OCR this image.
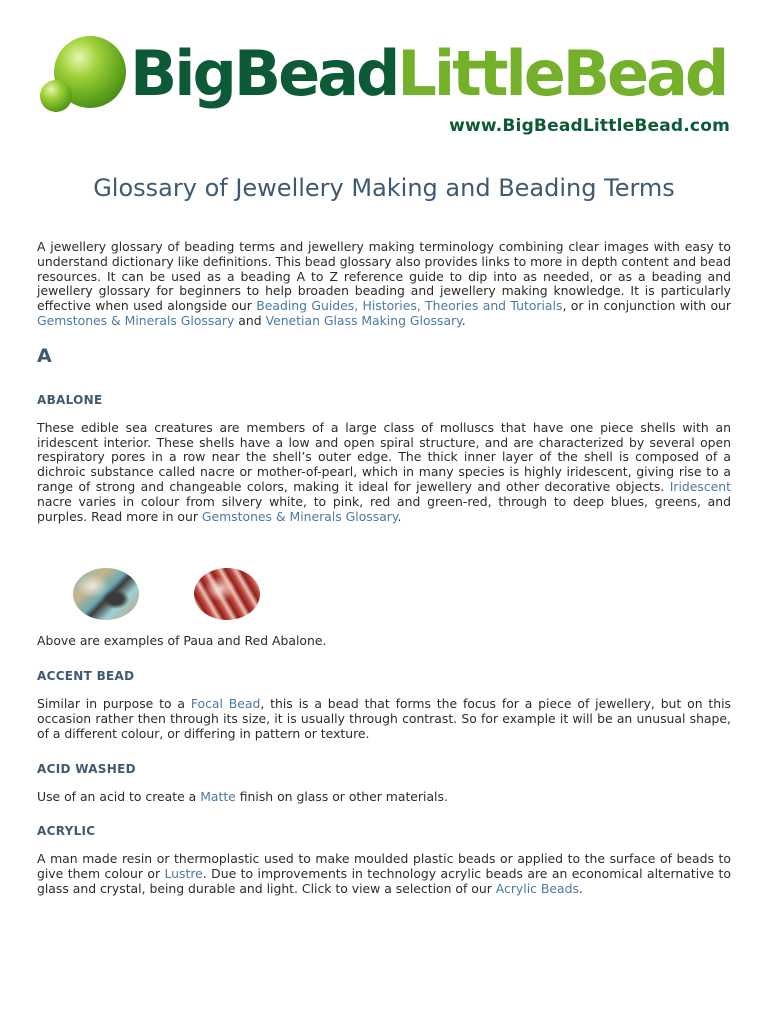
BigBeadLittleBead
www.BigBeadLittleBead.com
Glossary of Jewellery Making and Beading Terms

A jewellery glossary of beading terms and jewellery making terminology combining clear images with easy to understand dictionary like definitions. This bead glossary also provides links to more in depth content and bead resources. It can be used as a beading A to Z reference guide to dip into as needed, or as a beading and jewellery glossary for beginners to help broaden beading and jewellery making knowledge. It is particularly effective when used alongside our Beading Guides, Histories, Theories and Tutorials, or in conjunction with our Gemstones & Minerals Glossary and Venetian Glass Making Glossary.

A
ABALONE

These edible sea creatures are members of a large class of molluscs that have one piece shells with an iridescent interior. These shells have a low and open spiral structure, and are characterized by several open respiratory pores in a row near the shell’s outer edge. The thick inner layer of the shell is composed of a dichroic substance called nacre or mother-of-pearl, which in many species is highly iridescent, giving rise to a range of strong and changeable colors, making it ideal for jewellery and other decorative objects. Iridescent nacre varies in colour from silvery white, to pink, red and green-red, through to deep blues, greens, and purples. Read more in our Gemstones & Minerals Glossary.

Above are examples of Paua and Red Abalone.

ACCENT BEAD

Similar in purpose to a Focal Bead, this is a bead that forms the focus for a piece of jewellery, but on this occasion rather then through its size, it is usually through contrast. So for example it will be an unusual shape, of a different colour, or differing in pattern or texture.

ACID WASHED

Use of an acid to create a Matte finish on glass or other materials.

ACRYLIC

A man made resin or thermoplastic used to make moulded plastic beads or applied to the surface of beads to give them colour or Lustre. Due to improvements in technology acrylic beads are an economical alternative to glass and crystal, being durable and light. Click to view a selection of our Acrylic Beads.
